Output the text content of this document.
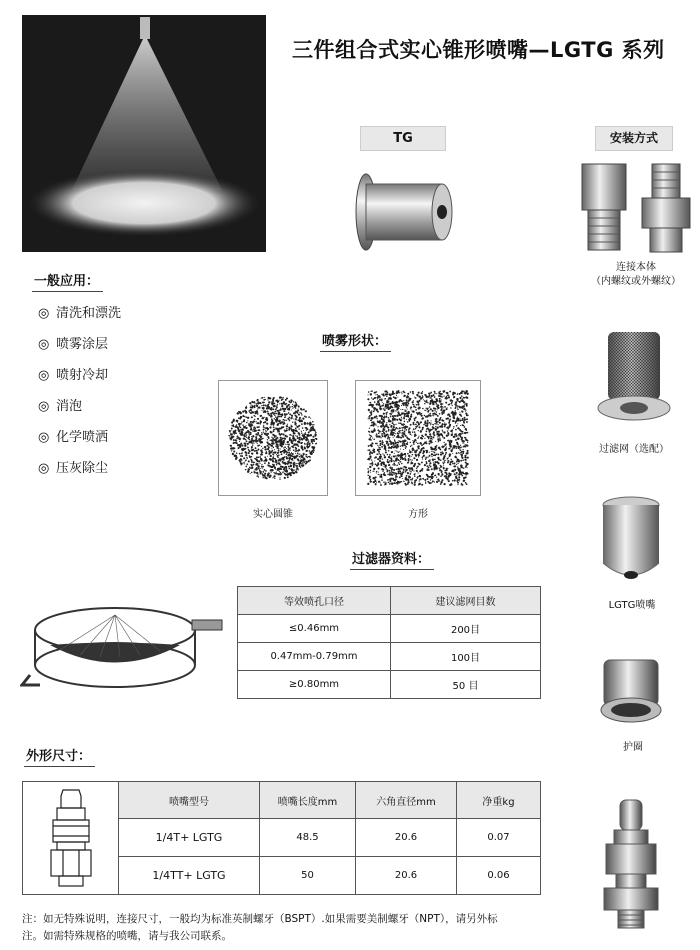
三件组合式实心锥形喷嘴—LGTG 系列
一般应用：
◎ 清洗和漂洗
◎ 喷雾涂层
◎ 喷射冷却
◎ 消泡
◎ 化学喷洒
◎ 压灰除尘
TG	安装方式
连接本体
（内螺纹或外螺纹）
喷雾形状：
实心圆锥	方形
过滤网（选配）
过滤器资料：
等效喷孔口径	建议滤网目数
≤0.46mm	200目
0.47mm-0.79mm	100目
≥0.80mm	50 目
LGTG喷嘴
护圈
外形尺寸：
喷嘴型号	喷嘴长度mm	六角直径mm	净重kg
1/4T+ LGTG	48.5	20.6	0.07
1/4TT+ LGTG	50	20.6	0.06
注：如无特殊说明，连接尺寸，一般均为标准英制螺牙（BSPT）.如果需要美制螺牙（NPT），请另外标
注。如需特殊规格的喷嘴，请与我公司联系。
